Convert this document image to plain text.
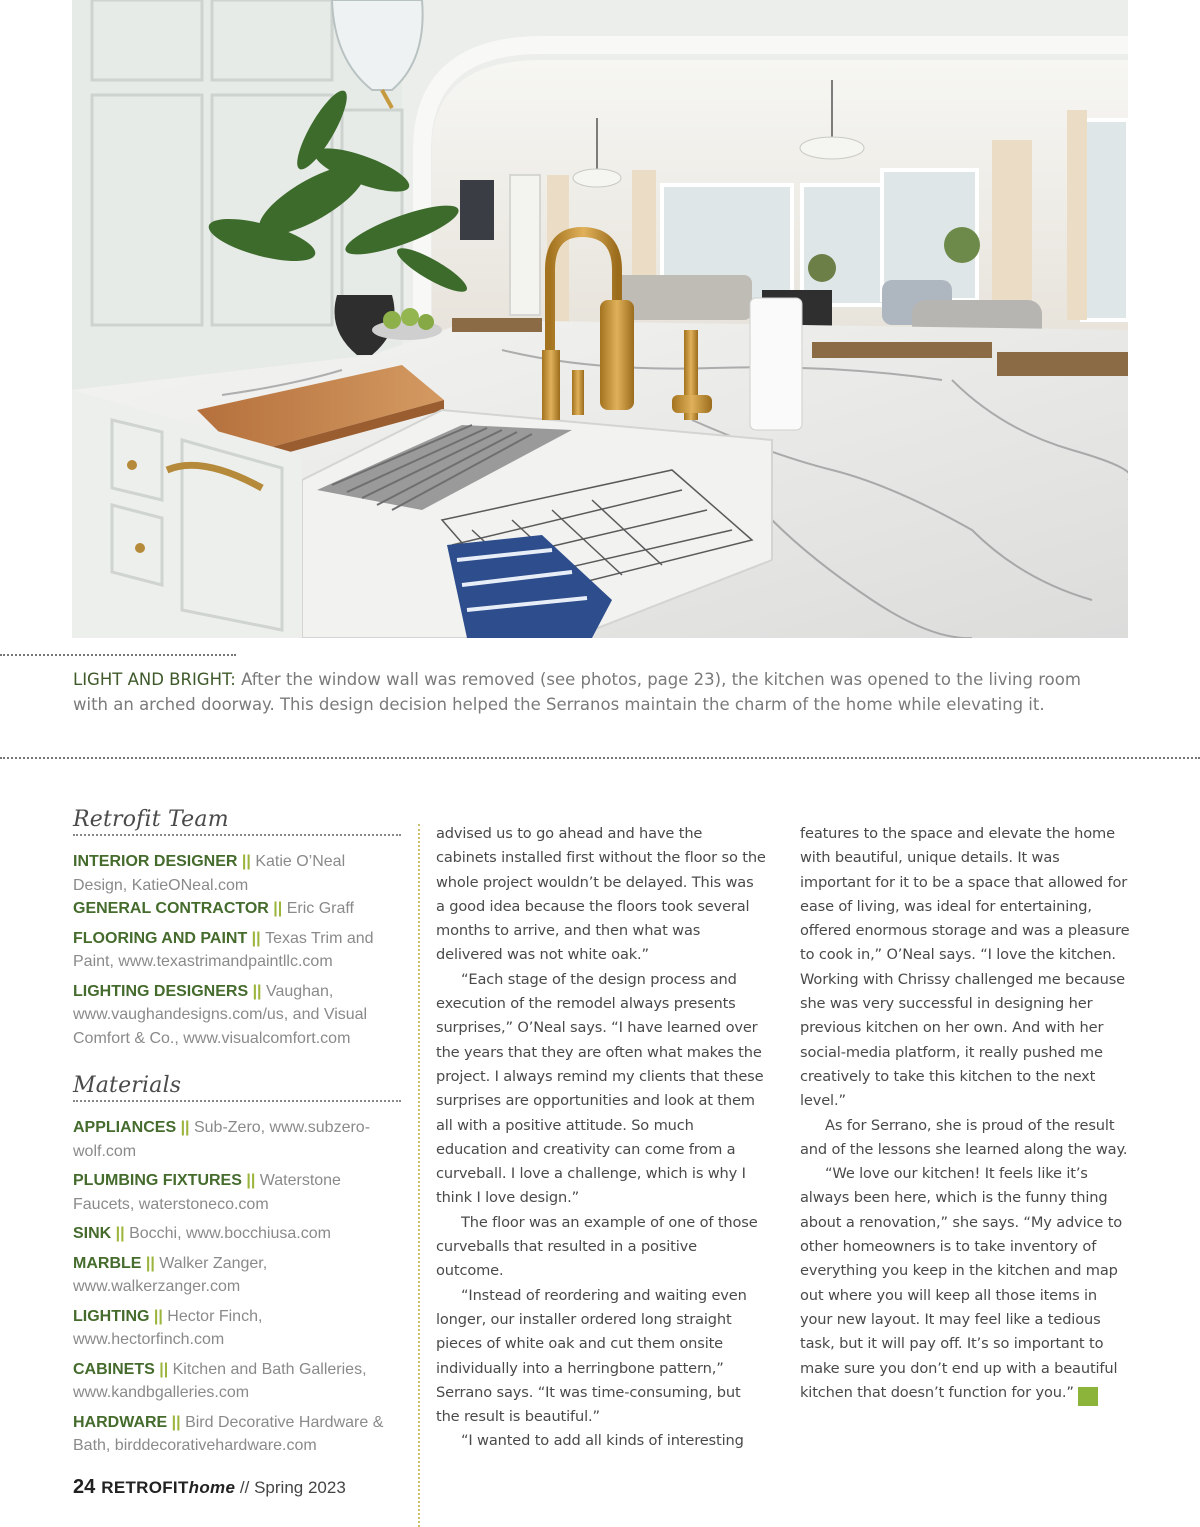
LIGHT AND BRIGHT: After the window wall was removed (see photos, page 23), the kitchen was opened to the living room with an arched doorway. This design decision helped the Serranos maintain the charm of the home while elevating it.

Retrofit Team
INTERIOR DESIGNER || Katie O’Neal Design, KatieONeal.com
GENERAL CONTRACTOR || Eric Graff
FLOORING AND PAINT || Texas Trim and Paint, www.texastrimandpaintllc.com
LIGHTING DESIGNERS || Vaughan, www.vaughandesigns.com/us, and Visual Comfort & Co., www.visualcomfort.com
Materials
APPLIANCES || Sub-Zero, www.subzero-wolf.com
PLUMBING FIXTURES || Waterstone Faucets, waterstoneco.com
SINK || Bocchi, www.bocchiusa.com
MARBLE || Walker Zanger, www.walkerzanger.com
LIGHTING || Hector Finch, www.hectorfinch.com
CABINETS || Kitchen and Bath Galleries, www.kandbgalleries.com
HARDWARE || Bird Decorative Hardware & Bath, birddecorativehardware.com

advised us to go ahead and have the cabinets installed first without the floor so the whole project wouldn’t be delayed. This was a good idea because the floors took several months to arrive, and then what was delivered was not white oak.”

“Each stage of the design process and execution of the remodel always presents surprises,” O’Neal says. “I have learned over the years that they are often what makes the project. I always remind my clients that these surprises are opportunities and look at them all with a positive attitude. So much education and creativity can come from a curveball. I love a challenge, which is why I think I love design.”

The floor was an example of one of those curveballs that resulted in a positive outcome.

“Instead of reordering and waiting even longer, our installer ordered long straight pieces of white oak and cut them onsite individually into a herringbone pattern,” Serrano says. “It was time-consuming, but the result is beautiful.”

“I wanted to add all kinds of interesting

features to the space and elevate the home with beautiful, unique details. It was important for it to be a space that allowed for ease of living, was ideal for entertaining, offered enormous storage and was a pleasure to cook in,” O’Neal says. “I love the kitchen. Working with Chrissy challenged me because she was very successful in designing her previous kitchen on her own. And with her social-media platform, it really pushed me creatively to take this kitchen to the next level.”

As for Serrano, she is proud of the result and of the lessons she learned along the way.

“We love our kitchen! It feels like it’s always been here, which is the funny thing about a renovation,” she says. “My advice to other homeowners is to take inventory of everything you keep in the kitchen and map out where you will keep all those items in your new layout. It may feel like a tedious task, but it will pay off. It’s so important to make sure you don’t end up with a beautiful kitchen that doesn’t function for you.” R

24 RETROFIThome // Spring 2023
